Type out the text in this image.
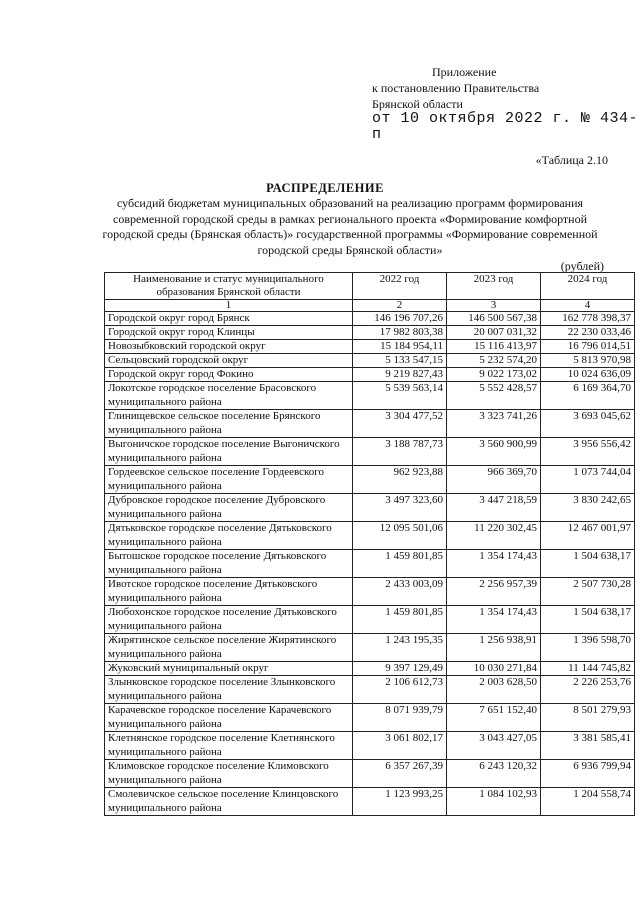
Приложение
к постановлению Правительства
Брянской области
от 10 октября 2022 г. № 434-п
«Таблица 2.10
РАСПРЕДЕЛЕНИЕ
субсидий бюджетам муниципальных образований на реализацию программ формирования современной городской среды в рамках регионального проекта «Формирование комфортной городской среды (Брянская область)» государственной программы «Формирование современной городской среды Брянской области»
(рублей)
Наименование и статус муниципального образования Брянской области	2022 год	2023 год	2024 год
1	2	3	4
Городской округ город Брянск	146 196 707,26	146 500 567,38	162 778 398,37
Городской округ город Клинцы	17 982 803,38	20 007 031,32	22 230 033,46
Новозыбковский городской округ	15 184 954,11	15 116 413,97	16 796 014,51
Сельцовский городской округ	5 133 547,15	5 232 574,20	5 813 970,98
Городской округ город Фокино	9 219 827,43	9 022 173,02	10 024 636,09
Локотское городское поселение Брасовского муниципального района	5 539 563,14	5 552 428,57	6 169 364,70
Глинищевское сельское поселение Брянского муниципального района	3 304 477,52	3 323 741,26	3 693 045,62
Выгоничское городское поселение Выгоничского муниципального района	3 188 787,73	3 560 900,99	3 956 556,42
Гордеевское сельское поселение Гордеевского муниципального района	962 923,88	966 369,70	1 073 744,04
Дубровское городское поселение Дубровского муниципального района	3 497 323,60	3 447 218,59	3 830 242,65
Дятьковское городское поселение Дятьковского муниципального района	12 095 501,06	11 220 302,45	12 467 001,97
Бытошское городское поселение Дятьковского муниципального района	1 459 801,85	1 354 174,43	1 504 638,17
Ивотское городское поселение Дятьковского муниципального района	2 433 003,09	2 256 957,39	2 507 730,28
Любохонское городское поселение Дятьковского муниципального района	1 459 801,85	1 354 174,43	1 504 638,17
Жирятинское сельское поселение Жирятинского муниципального района	1 243 195,35	1 256 938,91	1 396 598,70
Жуковский муниципальный округ	9 397 129,49	10 030 271,84	11 144 745,82
Злынковское городское поселение Злынковского муниципального района	2 106 612,73	2 003 628,50	2 226 253,76
Карачевское городское поселение Карачевского муниципального района	8 071 939,79	7 651 152,40	8 501 279,93
Клетнянское городское поселение Клетнянского муниципального района	3 061 802,17	3 043 427,05	3 381 585,41
Климовское городское поселение Климовского муниципального района	6 357 267,39	6 243 120,32	6 936 799,94
Смолевичское сельское поселение Клинцовского муниципального района	1 123 993,25	1 084 102,93	1 204 558,74
